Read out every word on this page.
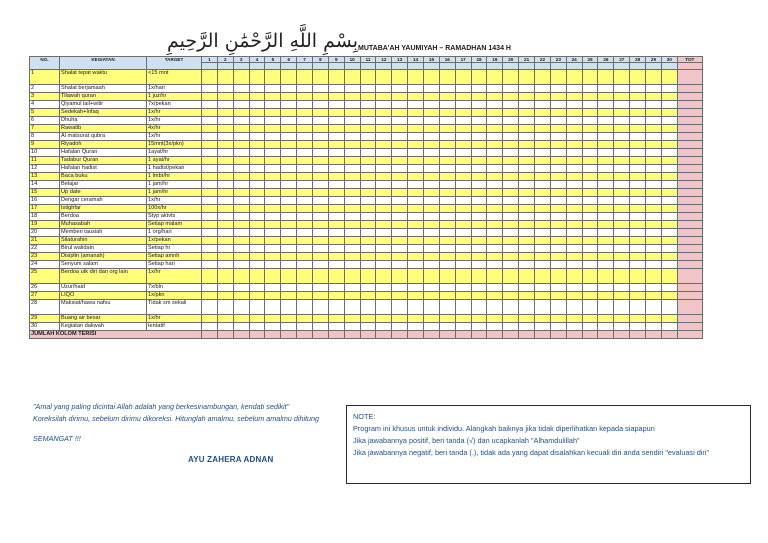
بِسْمِ اللَّهِ الرَّحْمَٰنِ الرَّحِيمِ MUTABA'AH YAUMIYAH – RAMADHAN 1434 H
NO.	KEGIATAN	TARGET	1	2	3	4	5	6	7	8	9	10	11	12	13	14	15	16	17	18	19	20	21	22	23	24	25	26	27	28	29	30	TOT

1	Shalat tepat waktu	<15 mnt																															
2	Shalat berjamaah	1x/hari																															
3	Tilawah quran	1 juz/hr																															
4	Qiyamul lail+witir	7x/pekan																															
5	Sedekah+Infaq	1x/hr																															
6	Dhuha	1x/hr																															
7	Rawatib	4x/hr																															
8	Al matsurat qubra	1x/hr																															
9	Riyadoh	15mnt(3x/pkn)																															
10	Hafalan Quran	1ayat/hr																															
11	Tadabur Quran	1 ayat/hr																															
12	Hafalan hadist	1 hadist/pekan																															
13	Baca buku	1 lmbr/hr																															
14	Belajar	1 jam/hr																															
15	Up date	1 jam/hr																															
16	Dengar ceramah	1x/hr																															
17	Istighfar	100x/hr																															
18	Berdoa	Styp aktvts																															
19	Muhasabah	Setiap malam																															
20	Memberi tausiah	1 org/hari																															
21	Silaturahin	1x/pekan																															
22	Birul walidain	Setiap hr																															
23	Disiplin (amanah)	Setiap amnh																															
24	Senyum salam	Setiap hari																															
25	Berdoa utk diri dan org lain	1x/hr																															
26	Uzur/haid	7x/bln																															
27	LIQO	1x/pkn																															
28	Maksiat/hawa nafsu	Tidak sm sekali																															
29	Buang air besar	1x/hr																															
30	Kegiatan dakwah	tentatif																															
JUMLAH KOLOM TERISI																																	
"Amal yang paling dicintai Allah adalah yang berkesinambungan, kendati sedikit"
Koreksilah dirimu, sebelum dirimu dikoreksi. Hitunglah amalmu, sebelum amalmu dihitung
SEMANGAT !!!
AYU ZAHERA ADNAN
NOTE:
Program ini khusus untuk individu. Alangkah baiknya jika tidak diperlihatkan kepada siapapun
Jika jawabannya positif, beri tanda (√) dan ucapkanlah "Alhamdulillah"
Jika jawabannya negatif, beri tanda (.), tidak ada yang dapat disalahkan kecuali diri anda sendiri "evaluasi diri"
